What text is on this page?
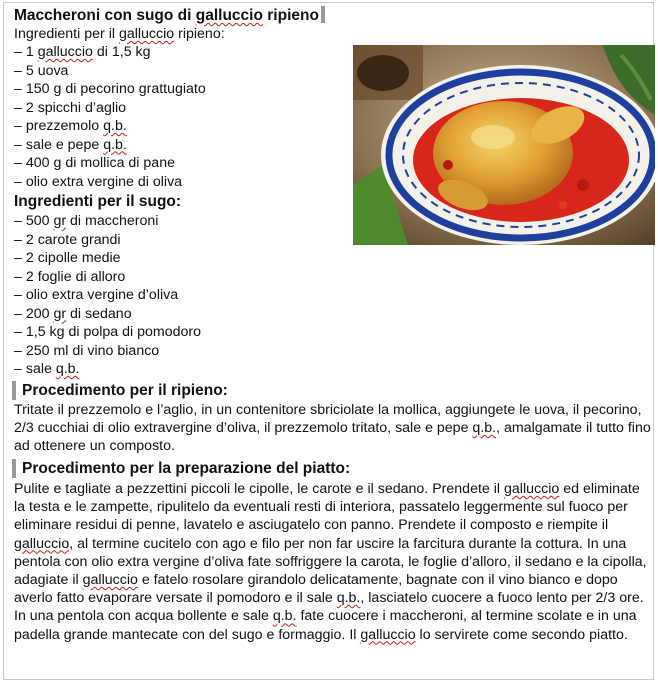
Maccheroni con sugo di galluccio ripieno
Ingredienti per il galluccio ripieno:
– 1 galluccio di 1,5 kg
– 5 uova
– 150 g di pecorino grattugiato
– 2 spicchi d’aglio
– prezzemolo q.b.
– sale e pepe q.b.
– 400 g di mollica di pane
– olio extra vergine di oliva
Ingredienti per il sugo:
– 500 gr di maccheroni
– 2 carote grandi
– 2 cipolle medie
– 2 foglie di alloro
– olio extra vergine d’oliva
– 200 gr di sedano
– 1,5 kg di polpa di pomodoro
– 250 ml di vino bianco
– sale q.b.
Procedimento per il ripieno:
Tritate il prezzemolo e l’aglio, in un contenitore sbriciolate la mollica, aggiungete le uova, il pecorino, 2/3 cucchiai di olio extravergine d’oliva, il prezzemolo tritato, sale e pepe q.b., amalgamate il tutto fino ad ottenere un composto.
Procedimento per la preparazione del piatto:
Pulite e tagliate a pezzettini piccoli le cipolle, le carote e il sedano. Prendete il galluccio ed eliminate la testa e le zampette, ripulitelo da eventuali resti di interiora, passatelo leggermente sul fuoco per eliminare residui di penne, lavatelo e asciugatelo con panno. Prendete il composto e riempite il galluccio, al termine cucitelo con ago e filo per non far uscire la farcitura durante la cottura. In una pentola con olio extra vergine d’oliva fate soffriggere la carota, le foglie d’alloro, il sedano e la cipolla, adagiate il galluccio e fatelo rosolare girandolo delicatamente, bagnate con il vino bianco e dopo averlo fatto evaporare versate il pomodoro e il sale q.b., lasciatelo cuocere a fuoco lento per 2/3 ore. In una pentola con acqua bollente e sale q.b. fate cuocere i maccheroni, al termine scolate e in una padella grande mantecate con del sugo e formaggio. Il galluccio lo servirete come secondo piatto.
